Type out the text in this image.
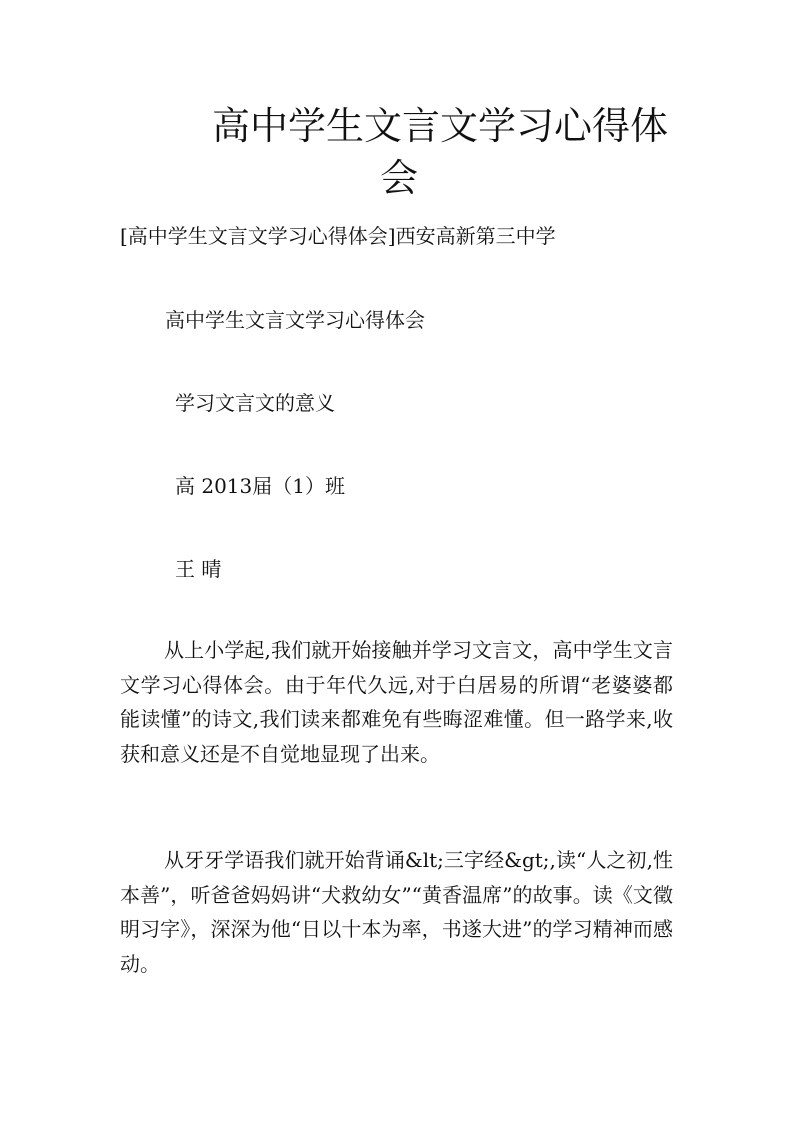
高中学生文言文学习心得体
会

[高中学生文言文学习心得体会]西安高新第三中学

高中学生文言文学习心得体会

学习文言文的意义

高 2013届（1）班

王 晴

从上小学起,我们就开始接触并学习文言文，高中学生文言文学习心得体会。由于年代久远,对于白居易的所谓“老婆婆都能读懂”的诗文,我们读来都难免有些晦涩难懂。但一路学来,收获和意义还是不自觉地显现了出来。

从牙牙学语我们就开始背诵&lt;三字经&gt;,读“人之初,性本善”，听爸爸妈妈讲“犬救幼女”“黄香温席”的故事。读《文徵明习字》，深深为他“日以十本为率，书遂大进”的学习精神而感动。
